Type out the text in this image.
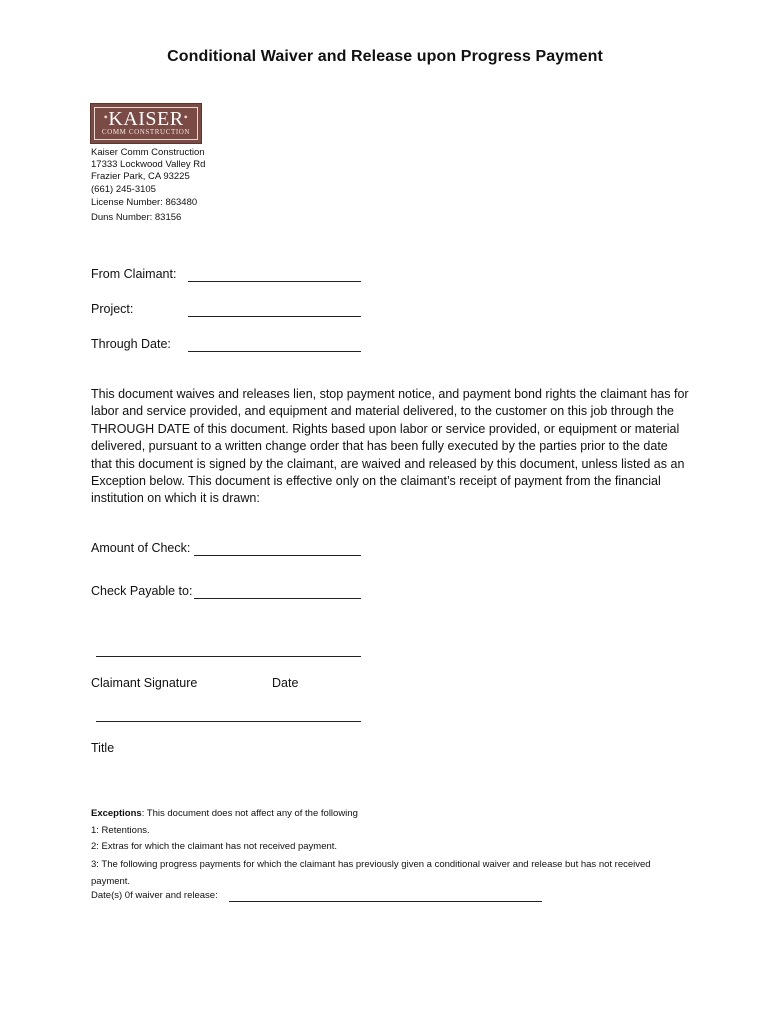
Conditional Waiver and Release upon Progress Payment
•KAISER•
COMM CONSTRUCTION
Kaiser Comm Construction
17333 Lockwood Valley Rd
Frazier Park, CA 93225
(661) 245-3105
License Number: 863480
Duns Number: 83156
From Claimant:
Project:
Through Date:
This document waives and releases lien, stop payment notice, and payment bond rights the claimant has for labor and service provided, and equipment and material delivered, to the customer on this job through the THROUGH DATE of this document. Rights based upon labor or service provided, or equipment or material delivered, pursuant to a written change order that has been fully executed by the parties prior to the date that this document is signed by the claimant, are waived and released by this document, unless listed as an Exception below. This document is effective only on the claimant’s receipt of payment from the financial institution on which it is drawn:
Amount of Check:
Check Payable to:
Claimant Signature	Date
Title
Exceptions: This document does not affect any of the following
1: Retentions.
2: Extras for which the claimant has not received payment.
3: The following progress payments for which the claimant has previously given a conditional waiver and release but has not received payment.
Date(s) 0f waiver and release:
